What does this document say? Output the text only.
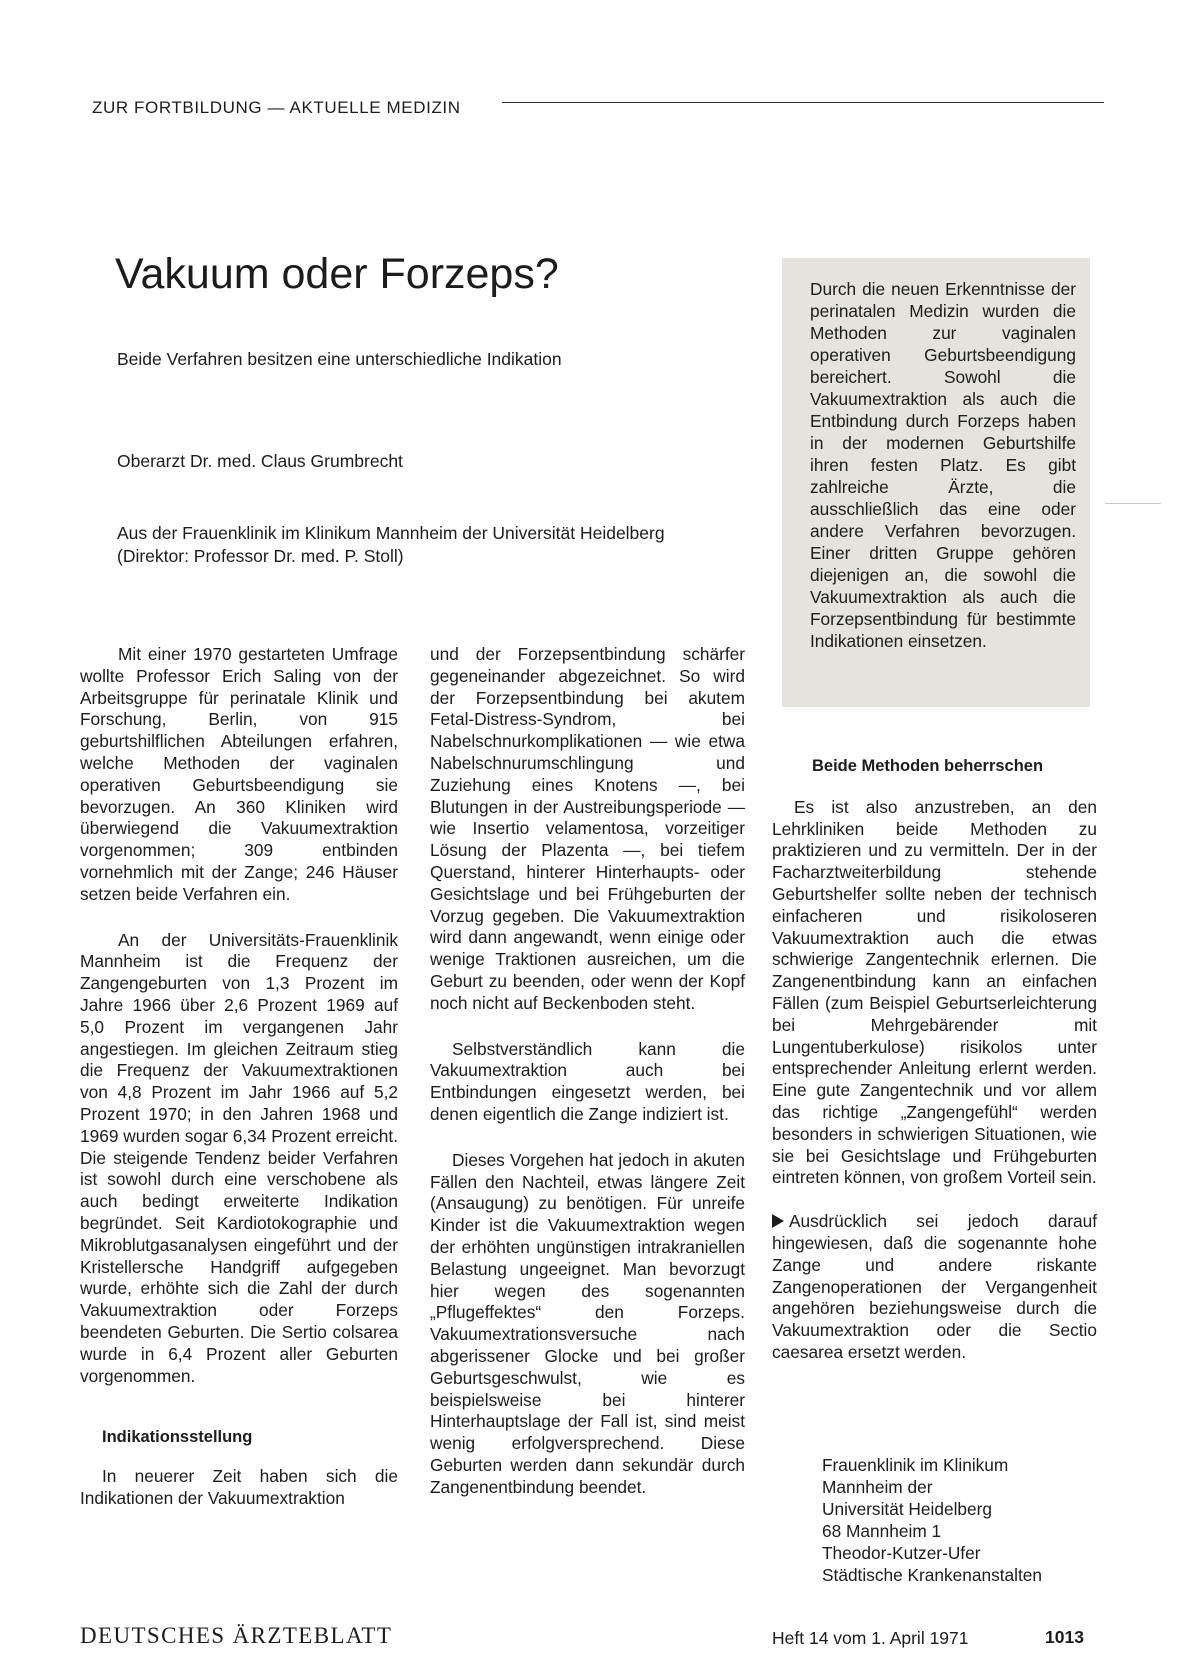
ZUR FORTBILDUNG — AKTUELLE MEDIZIN
Vakuum oder Forzeps?
Beide Verfahren besitzen eine unterschiedliche Indikation
Oberarzt Dr. med. Claus Grumbrecht
Aus der Frauenklinik im Klinikum Mannheim der Universität Heidelberg
(Direktor: Professor Dr. med. P. Stoll)
Durch die neuen Erkenntnisse der perinatalen Medizin wurden die Methoden zur vaginalen operativen Geburtsbeendigung bereichert. Sowohl die Vakuumextraktion als auch die Entbindung durch Forzeps haben in der modernen Geburtshilfe ihren festen Platz. Es gibt zahlreiche Ärzte, die ausschließlich das eine oder andere Verfahren bevorzugen. Einer dritten Gruppe gehören diejenigen an, die sowohl die Vakuumextraktion als auch die Forzepsentbindung für bestimmte Indikationen einsetzen.

Mit einer 1970 gestarteten Umfrage wollte Professor Erich Saling von der Arbeitsgruppe für perinatale Klinik und Forschung, Berlin, von 915 geburtshilflichen Abteilungen erfahren, welche Methoden der vaginalen operativen Geburtsbeendigung sie bevorzugen. An 360 Kliniken wird überwiegend die Vakuumextraktion vorgenommen; 309 entbinden vornehmlich mit der Zange; 246 Häuser setzen beide Verfahren ein.

An der Universitäts-Frauenklinik Mannheim ist die Frequenz der Zangengeburten von 1,3 Prozent im Jahre 1966 über 2,6 Prozent 1969 auf 5,0 Prozent im vergangenen Jahr angestiegen. Im gleichen Zeitraum stieg die Frequenz der Vakuumextraktionen von 4,8 Prozent im Jahr 1966 auf 5,2 Prozent 1970; in den Jahren 1968 und 1969 wurden sogar 6,34 Prozent erreicht. Die steigende Tendenz beider Verfahren ist sowohl durch eine verschobene als auch bedingt erweiterte Indikation begründet. Seit Kardiotokographie und Mikroblutgasanalysen eingeführt und der Kristellersche Handgriff aufgegeben wurde, erhöhte sich die Zahl der durch Vakuumextraktion oder Forzeps beendeten Geburten. Die Sertio colsarea wurde in 6,4 Prozent aller Geburten vorgenommen.

Indikationsstellung

In neuerer Zeit haben sich die Indikationen der Vakuumextraktion

und der Forzepsentbindung schärfer gegeneinander abgezeichnet. So wird der Forzepsentbindung bei akutem Fetal-Distress-Syndrom, bei Nabelschnurkomplikationen — wie etwa Nabelschnurumschlingung und Zuziehung eines Knotens —, bei Blutungen in der Austreibungsperiode — wie Insertio velamentosa, vorzeitiger Lösung der Plazenta —, bei tiefem Querstand, hinterer Hinterhaupts- oder Gesichtslage und bei Frühgeburten der Vorzug gegeben. Die Vakuumextraktion wird dann angewandt, wenn einige oder wenige Traktionen ausreichen, um die Geburt zu beenden, oder wenn der Kopf noch nicht auf Beckenboden steht.

Selbstverständlich kann die Vakuumextraktion auch bei Entbindungen eingesetzt werden, bei denen eigentlich die Zange indiziert ist.

Dieses Vorgehen hat jedoch in akuten Fällen den Nachteil, etwas längere Zeit (Ansaugung) zu benötigen. Für unreife Kinder ist die Vakuumextraktion wegen der erhöhten ungünstigen intrakraniellen Belastung ungeeignet. Man bevorzugt hier wegen des sogenannten „Pflugeffektes“ den Forzeps. Vakuumextrationsversuche nach abgerissener Glocke und bei großer Geburtsgeschwulst, wie es beispielsweise bei hinterer Hinterhauptslage der Fall ist, sind meist wenig erfolgversprechend. Diese Geburten werden dann sekundär durch Zangenentbindung beendet.

Beide Methoden beherrschen

Es ist also anzustreben, an den Lehrkliniken beide Methoden zu praktizieren und zu vermitteln. Der in der Facharztweiterbildung stehende Geburtshelfer sollte neben der technisch einfacheren und risikoloseren Vakuumextraktion auch die etwas schwierige Zangentechnik erlernen. Die Zangenentbindung kann an einfachen Fällen (zum Beispiel Geburtserleichterung bei Mehrgebärender mit Lungentuberkulose) risikolos unter entsprechender Anleitung erlernt werden. Eine gute Zangentechnik und vor allem das richtige „Zangengefühl“ werden besonders in schwierigen Situationen, wie sie bei Gesichtslage und Frühgeburten eintreten können, von großem Vorteil sein.

Ausdrücklich sei jedoch darauf hingewiesen, daß die sogenannte hohe Zange und andere riskante Zangenoperationen der Vergangenheit angehören beziehungsweise durch die Vakuumextraktion oder die Sectio caesarea ersetzt werden.

Frauenklinik im Klinikum
Mannheim der
Universität Heidelberg
68 Mannheim 1
Theodor-Kutzer-Ufer
Städtische Krankenanstalten
DEUTSCHES ÄRZTEBLATT	Heft 14 vom 1. April 1971	1013
